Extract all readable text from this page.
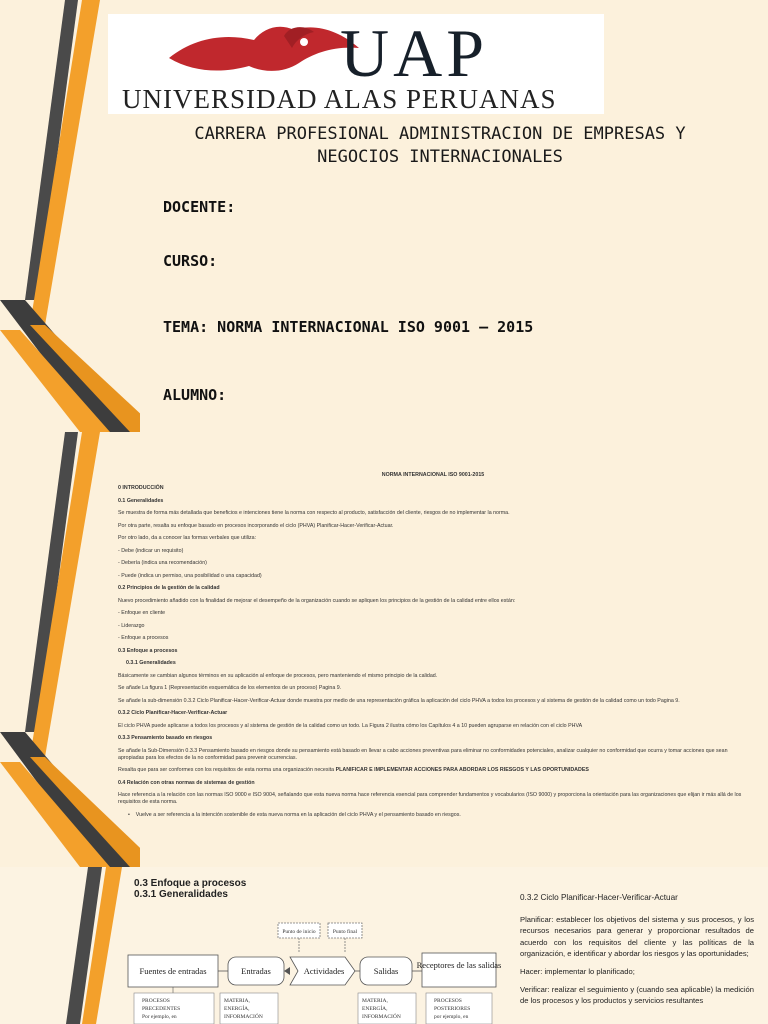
UAP
UNIVERSIDAD ALAS PERUANAS
CARRERA PROFESIONAL ADMINISTRACION DE EMPRESAS Y
NEGOCIOS INTERNACIONALES
DOCENTE:
CURSO:
TEMA: NORMA INTERNACIONAL ISO 9001 – 2015
ALUMNO:
NORMA INTERNACIONAL ISO 9001-2015

0 INTRODUCCIÓN

0.1 Generalidades

Se muestra de forma más detallada que beneficios e intenciones tiene la norma con respecto al producto, satisfacción del cliente, riesgos de no implementar la norma.

Por otra parte, resalta su enfoque basado en procesos incorporando el ciclo (PHVA) Planificar-Hacer-Verificar-Actuar.

Por otro lado, da a conocer las formas verbales que utiliza:

- Debe (indicar un requisito)

- Debería (indica una recomendación)

- Puede (indica un permiso, una posibilidad o una capacidad)

0.2 Principios de la gestión de la calidad

Nuevo procedimiento añadido con la finalidad de mejorar el desempeño de la organización cuando se apliquen los principios de la gestión de la calidad entre ellos están:

- Enfoque en cliente

- Liderazgo

- Enfoque a procesos

0.3 Enfoque a procesos

0.3.1 Generalidades

Básicamente se cambian algunos términos en su aplicación al enfoque de procesos, pero manteniendo el mismo principio de la calidad.

Se añade La figura 1 (Representación esquemática de los elementos de un proceso) Pagina 9.

Se añade la sub-dimensión 0.3.2 Ciclo Planificar-Hacer-Verificar-Actuar donde muestra por medio de una representación gráfica la aplicación del ciclo PHVA a todos los procesos y al sistema de gestión de la calidad como un todo Pagina 9.

0.3.2 Ciclo Planificar-Hacer-Verificar-Actuar

El ciclo PHVA puede aplicarse a todos los procesos y al sistema de gestión de la calidad como un todo. La Figura 2 ilustra cómo los Capítulos 4 a 10 pueden agruparse en relación con el ciclo PHVA

0.3.3 Pensamiento basado en riesgos

Se añade la Sub-Dimensión 0.3.3 Pensamiento basado en riesgos donde su pensamiento está basado en llevar a cabo acciones preventivas para eliminar no conformidades potenciales, analizar cualquier no conformidad que ocurra y tomar acciones que sean apropiadas para los efectos de la no conformidad para prevenir ocurrencias.

Resalta que para ser conformes con los requisitos de esta norma una organización necesita PLANIFICAR E IMPLEMENTAR ACCIONES PARA ABORDAR LOS RIESGOS Y LAS OPORTUNIDADES

0.4 Relación con otras normas de sistemas de gestión

Hace referencia a la relación con las normas ISO 9000 e ISO 9004, señalando que esta nueva norma hace referencia esencial para comprender fundamentos y vocabularios (ISO 9000) y proporciona la orientación para las organizaciones que elijan ir más allá de los requisitos de esta norma.

•    Vuelve a ser referencia a la intención sostenible de esta nueva norma en la aplicación del ciclo PHVA y el pensamiento basado en riesgos.

0.3 Enfoque a procesos
0.3.1 Generalidades
Punto de inicio	Punto final
Fuentes de entradas	Entradas	Actividades	Salidas
Receptores de las salidas
PROCESOS
PRECEDENTES
Por ejemplo, en
MATERIA,
ENERGÍA,
INFORMACIÓN
MATERIA,
ENERGÍA,
INFORMACIÓN
PROCESOS
POSTERIORES
por ejemplo, en

0.3.2 Ciclo Planificar-Hacer-Verificar-Actuar

Planificar: establecer los objetivos del sistema y sus procesos, y los recursos necesarios para generar y proporcionar resultados de acuerdo con los requisitos del cliente y las políticas de la organización, e identificar y abordar los riesgos y las oportunidades;

Hacer: implementar lo planificado;

Verificar: realizar el seguimiento y (cuando sea aplicable) la medición de los procesos y los productos y servicios resultantes
